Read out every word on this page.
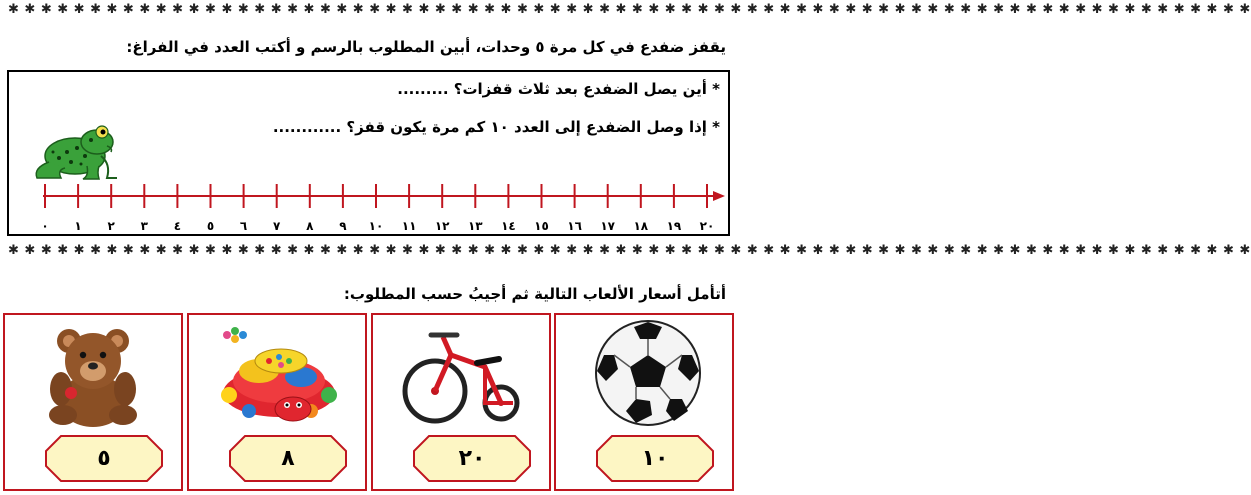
✱ ✱ ✱ ✱ ✱ ✱ ✱ ✱ ✱ ✱ ✱ ✱ ✱ ✱ ✱ ✱ ✱ ✱ ✱ ✱ ✱ ✱ ✱ ✱ ✱ ✱ ✱ ✱ ✱ ✱ ✱ ✱ ✱ ✱ ✱ ✱ ✱ ✱ ✱ ✱ ✱ ✱ ✱ ✱ ✱ ✱ ✱ ✱ ✱ ✱ ✱ ✱ ✱ ✱ ✱ ✱ ✱ ✱ ✱ ✱ ✱ ✱ ✱ ✱ ✱ ✱ ✱ ✱ ✱ ✱ ✱ ✱ ✱ ✱ ✱ ✱
يقفز ضفدع في كل مرة ٥ وحدات، أبين المطلوب بالرسم و أكتب العدد في الفراغ:
* أين يصل الضفدع بعد ثلاث قفزات؟ .........
* إذا وصل الضفدع إلى العدد ١٠ كم مرة يكون قفز؟ ............
٠ ١ ٢ ٣ ٤ ٥ ٦ ٧ ٨ ٩ ١٠ ١١ ١٢ ١٣ ١٤ ١٥ ١٦ ١٧ ١٨ ١٩ ٢٠
✱ ✱ ✱ ✱ ✱ ✱ ✱ ✱ ✱ ✱ ✱ ✱ ✱ ✱ ✱ ✱ ✱ ✱ ✱ ✱ ✱ ✱ ✱ ✱ ✱ ✱ ✱ ✱ ✱ ✱ ✱ ✱ ✱ ✱ ✱ ✱ ✱ ✱ ✱ ✱ ✱ ✱ ✱ ✱ ✱ ✱ ✱ ✱ ✱ ✱ ✱ ✱ ✱ ✱ ✱ ✱ ✱ ✱ ✱ ✱ ✱ ✱ ✱ ✱ ✱ ✱ ✱ ✱ ✱ ✱ ✱ ✱ ✱ ✱ ✱ ✱
أتأمل أسعار الألعاب التالية ثم أجيبُ حسب المطلوب:
٥	٨	٢٠	١٠
